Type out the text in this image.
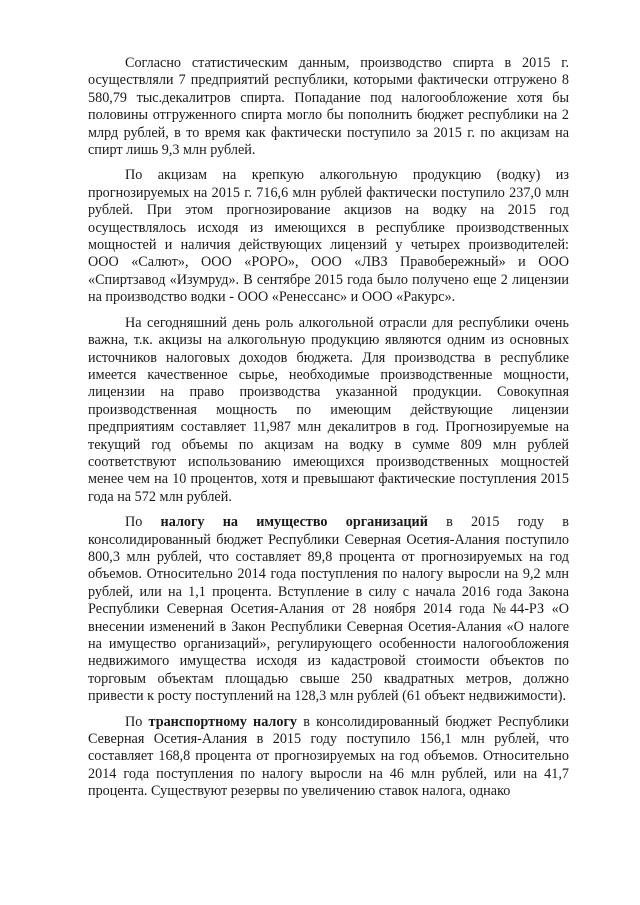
Согласно статистическим данным, производство спирта в 2015 г. осуществляли 7 предприятий республики, которыми фактически отгружено 8 580,79 тыс.декалитров спирта. Попадание под налогообложение хотя бы половины отгруженного спирта могло бы пополнить бюджет республики на 2 млрд рублей, в то время как фактически поступило за 2015 г. по акцизам на спирт лишь 9,3 млн рублей.

По акцизам на крепкую алкогольную продукцию (водку) из прогнозируемых на 2015 г. 716,6 млн рублей фактически поступило 237,0 млн рублей. При этом прогнозирование акцизов на водку на 2015 год осуществлялось исходя из имеющихся в республике производственных мощностей и наличия действующих лицензий у четырех производителей: ООО «Салют», ООО «РОРО», ООО «ЛВЗ Правобережный» и ООО «Спиртзавод «Изумруд». В сентябре 2015 года было получено еще 2 лицензии на производство водки - ООО «Ренессанс» и ООО «Ракурс».

На сегодняшний день роль алкогольной отрасли для республики очень важна, т.к. акцизы на алкогольную продукцию являются одним из основных источников налоговых доходов бюджета. Для производства в республике имеется качественное сырье, необходимые производственные мощности, лицензии на право производства указанной продукции. Совокупная производственная мощность по имеющим действующие лицензии предприятиям составляет 11,987 млн декалитров в год. Прогнозируемые на текущий год объемы по акцизам на водку в сумме 809 млн рублей соответствуют использованию имеющихся производственных мощностей менее чем на 10 процентов, хотя и превышают фактические поступления 2015 года на 572 млн рублей.

По налогу на имущество организаций в 2015 году в консолидированный бюджет Республики Северная Осетия-Алания поступило 800,3 млн рублей, что составляет 89,8 процента от прогнозируемых на год объемов. Относительно 2014 года поступления по налогу выросли на 9,2 млн рублей, или на 1,1 процента. Вступление в силу с начала 2016 года Закона Республики Северная Осетия-Алания от 28 ноября 2014 года №44-РЗ «О внесении изменений в Закон Республики Северная Осетия-Алания «О налоге на имущество организаций», регулирующего особенности налогообложения недвижимого имущества исходя из кадастровой стоимости объектов по торговым объектам площадью свыше 250 квадратных метров, должно привести к росту поступлений на 128,3 млн рублей (61 объект недвижимости).

По транспортному налогу в консолидированный бюджет Республики Северная Осетия-Алания в 2015 году поступило 156,1 млн рублей, что составляет 168,8 процента от прогнозируемых на год объемов. Относительно 2014 года поступления по налогу выросли на 46 млн рублей, или на 41,7 процента. Существуют резервы по увеличению ставок налога, однако
